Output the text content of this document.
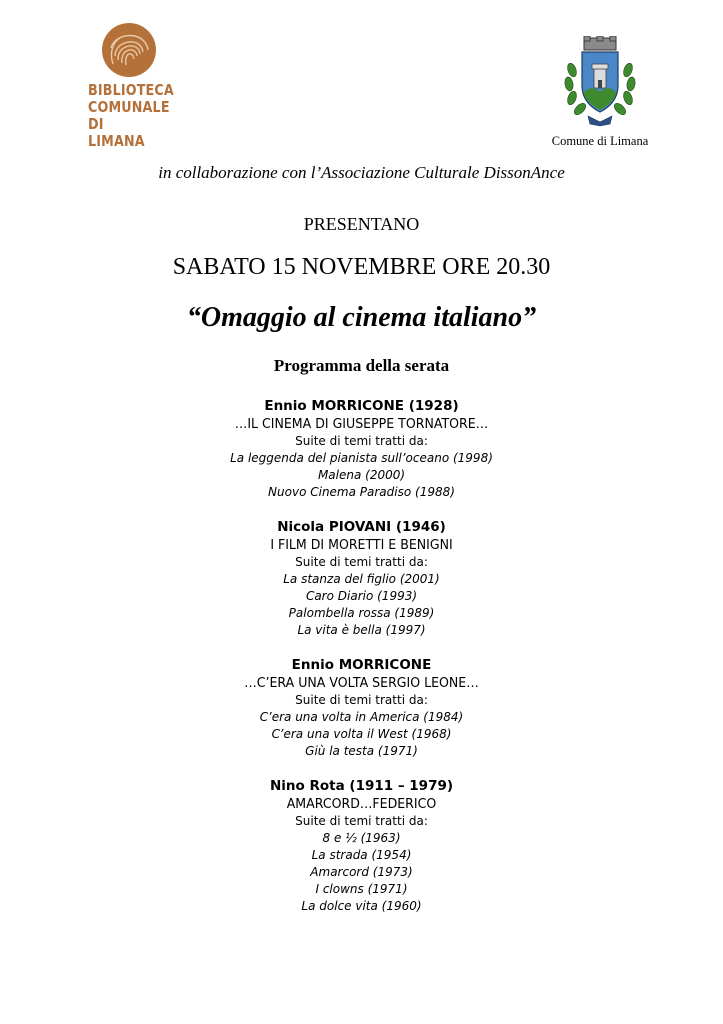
BIBLIOTECA
COMUNALE
DI LIMANA	Comune di Limana
in collaborazione con l’Associazione Culturale DissonAnce
PRESENTANO
SABATO 15 NOVEMBRE ORE 20.30
“Omaggio al cinema italiano”
Programma della serata
Ennio MORRICONE (1928)
…IL CINEMA DI GIUSEPPE TORNATORE…
Suite di temi tratti da:
La leggenda del pianista sull’oceano (1998)
Malena (2000)
Nuovo Cinema Paradiso (1988)
Nicola PIOVANI (1946)
I FILM DI MORETTI E BENIGNI
Suite di temi tratti da:
La stanza del figlio (2001)
Caro Diario (1993)
Palombella rossa (1989)
La vita è bella (1997)
Ennio MORRICONE
…C’ERA UNA VOLTA SERGIO LEONE…
Suite di temi tratti da:
C’era una volta in America (1984)
C’era una volta il West (1968)
Giù la testa (1971)
Nino Rota (1911 – 1979)
AMARCORD…FEDERICO
Suite di temi tratti da:
8 e ½ (1963)
La strada (1954)
Amarcord (1973)
I clowns (1971)
La dolce vita (1960)
